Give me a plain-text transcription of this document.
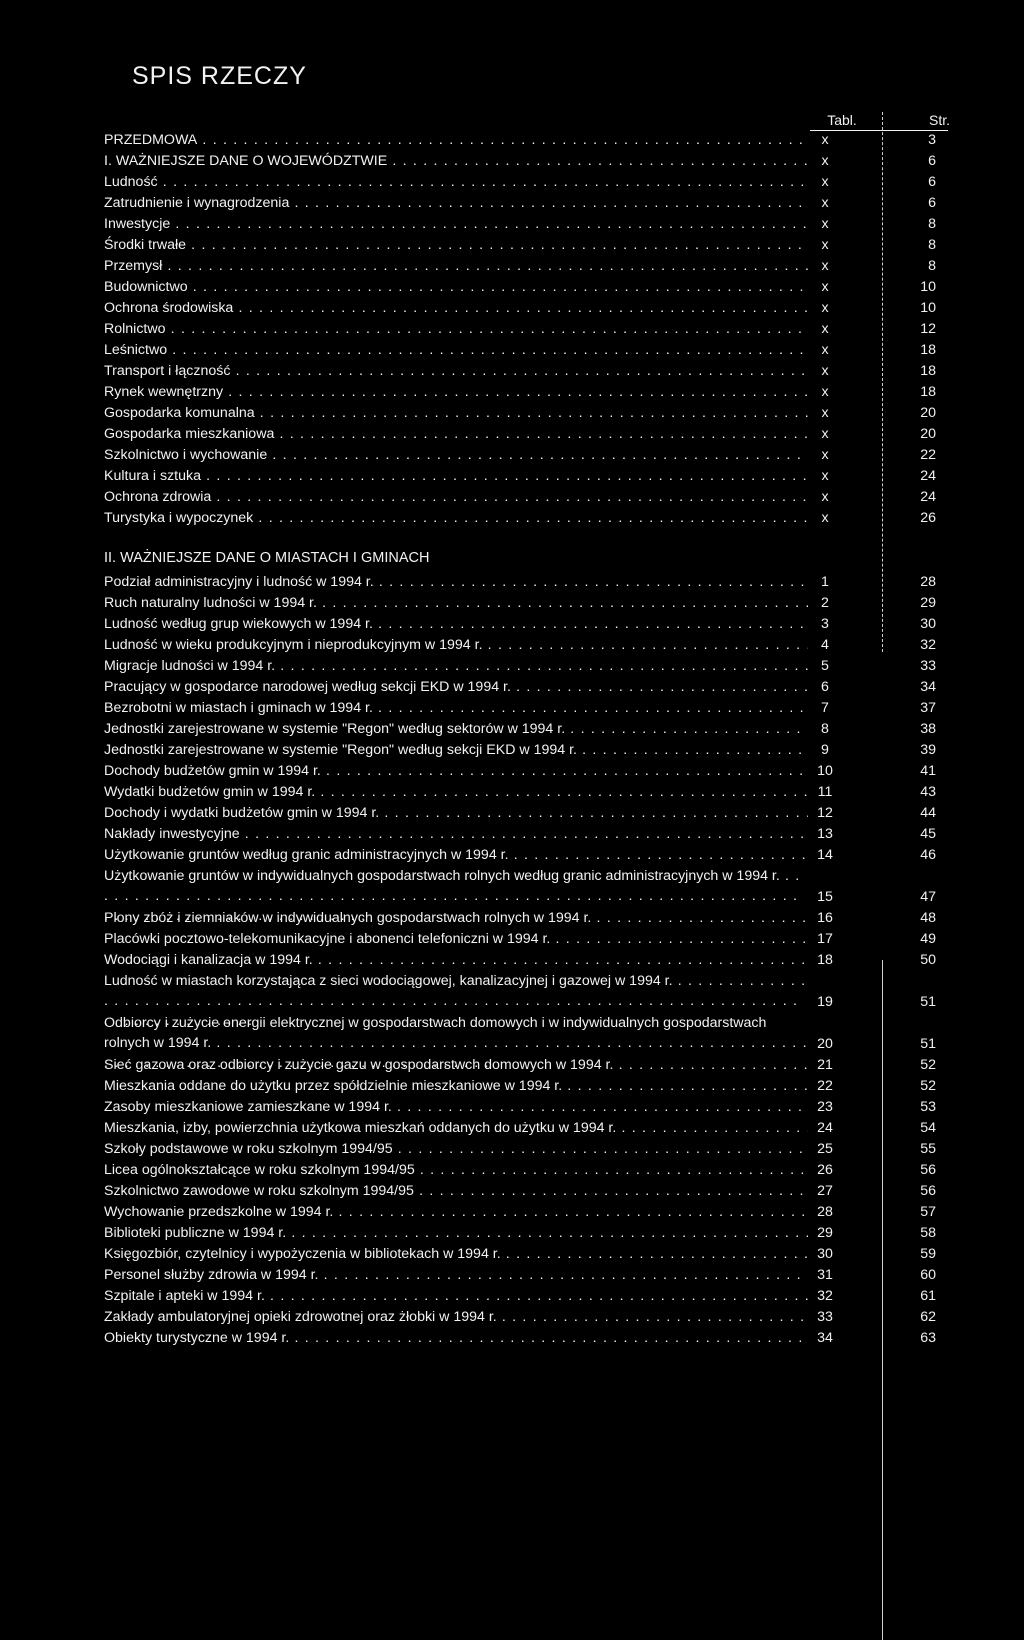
SPIS RZECZY
Tabl.	Str.
PRZEDMOWA . . .	x	3
I. WAŻNIEJSZE DANE O WOJEWÓDZTWIE . . .	x	6
Ludność . . .	x	6
Zatrudnienie i wynagrodzenia . . .	x	6
Inwestycje . . .	x	8
Środki trwałe . . .	x	8
Przemysł . . .	x	8
Budownictwo . . .	x	10
Ochrona środowiska . . .	x	10
Rolnictwo . . .	x	12
Leśnictwo . . .	x	18
Transport i łączność . . .	x	18
Rynek wewnętrzny . . .	x	18
Gospodarka komunalna . . .	x	20
Gospodarka mieszkaniowa . . .	x	20
Szkolnictwo i wychowanie . . .	x	22
Kultura i sztuka . . .	x	24
Ochrona zdrowia . . .	x	24
Turystyka i wypoczynek . . .	x	26
II. WAŻNIEJSZE DANE O MIASTACH I GMINACH
Podział administracyjny i ludność w 1994 r. . . .	1	28
Ruch naturalny ludności w 1994 r. . . .	2	29
Ludność według grup wiekowych w 1994 r. . . .	3	30
Ludność w wieku produkcyjnym i nieprodukcyjnym w 1994 r. . . .	4	32
Migracje ludności w 1994 r. . . .	5	33
Pracujący w gospodarce narodowej według sekcji EKD w 1994 r. . . .	6	34
Bezrobotni w miastach i gminach w 1994 r. . . .	7	37
Jednostki zarejestrowane w systemie "Regon" według sektorów w 1994 r. . . .	8	38
Jednostki zarejestrowane w systemie "Regon" według sekcji EKD w 1994 r. . . .	9	39
Dochody budżetów gmin w 1994 r. . . .	10	41
Wydatki budżetów gmin w 1994 r. . . .	11	43
Dochody i wydatki budżetów gmin w 1994 r. . . .	12	44
Nakłady inwestycyjne . . .	13	45
Użytkowanie gruntów według granic administracyjnych w 1994 r. . . .	14	46
Użytkowanie gruntów w indywidualnych gospodarstwach rolnych według granic administracyjnych w 1994 r. . . .
15	47
Plony zbóż i ziemniaków w indywidualnych gospodarstwach rolnych w 1994 r. . . .	16	48
Placówki pocztowo-telekomunikacyjne i abonenci telefoniczni w 1994 r. . . .	17	49
Wodociągi i kanalizacja w 1994 r. . . .	18	50
Ludność w miastach korzystająca z sieci wodociągowej, kanalizacyjnej i gazowej w 1994 r. . . .
19	51
Odbiorcy i zużycie energii elektrycznej w gospodarstwach domowych i w indywidualnych gospodarstwach rolnych w 1994 r. . . .	20	51
Sieć gazowa oraz odbiorcy i zużycie gazu w gospodarstwch domowych w 1994 r. . . .	21	52
Mieszkania oddane do użytku przez spółdzielnie mieszkaniowe w 1994 r. . . .	22	52
Zasoby mieszkaniowe zamieszkane w 1994 r. . . .	23	53
Mieszkania, izby, powierzchnia użytkowa mieszkań oddanych do użytku w 1994 r. . . .	24	54
Szkoły podstawowe w roku szkolnym 1994/95 . . .	25	55
Licea ogólnokształcące w roku szkolnym 1994/95 . . .	26	56
Szkolnictwo zawodowe w roku szkolnym 1994/95 . . .	27	56
Wychowanie przedszkolne w 1994 r. . . .	28	57
Biblioteki publiczne w 1994 r. . . .	29	58
Księgozbiór, czytelnicy i wypożyczenia w bibliotekach w 1994 r. . . .	30	59
Personel służby zdrowia w 1994 r. . . .	31	60
Szpitale i apteki w 1994 r. . . .	32	61
Zakłady ambulatoryjnej opieki zdrowotnej oraz żłobki w 1994 r. . . .	33	62
Obiekty turystyczne w 1994 r. . . .	34	63
